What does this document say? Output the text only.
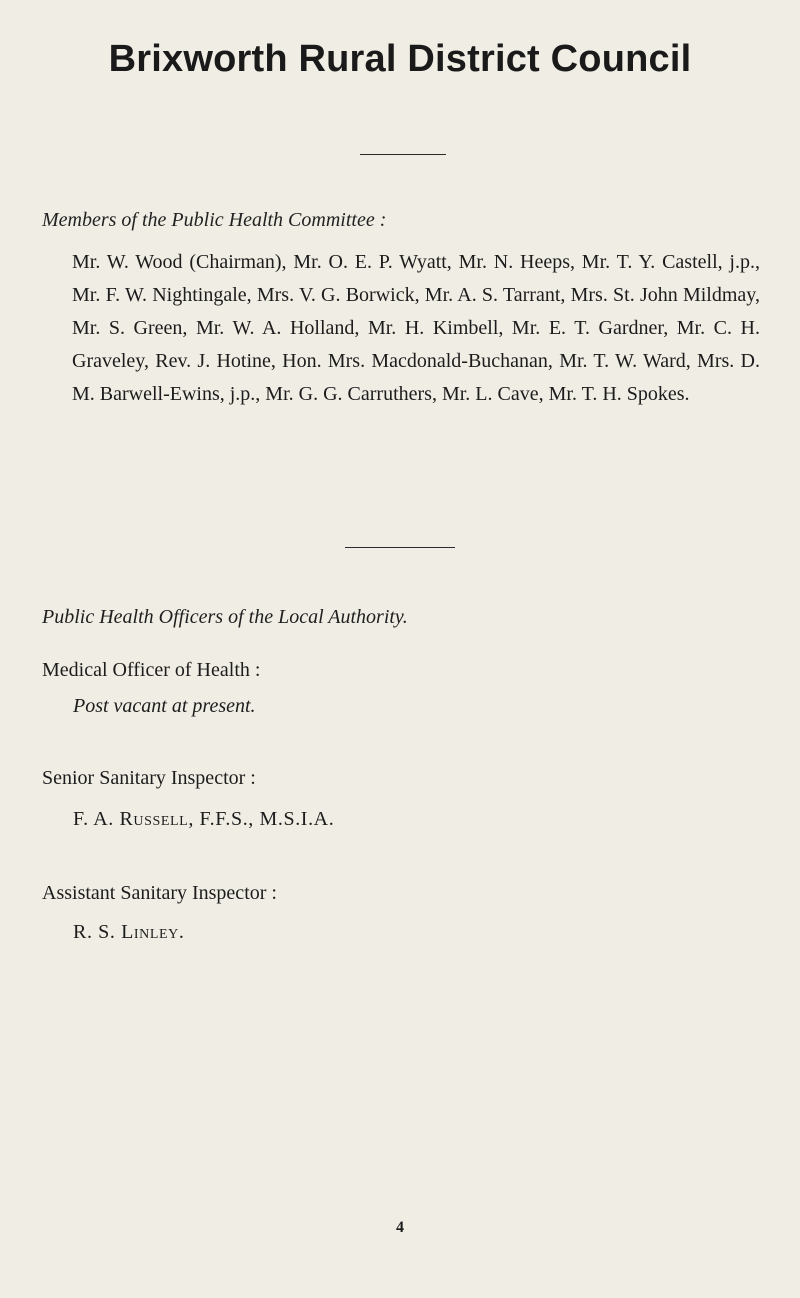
Brixworth Rural District Council
Members of the Public Health Committee :

Mr. W. Wood (Chairman), Mr. O. E. P. Wyatt, Mr. N. Heeps, Mr. T. Y. Castell, j.p., Mr. F. W. Nightingale, Mrs. V. G. Borwick, Mr. A. S. Tarrant, Mrs. St. John Mildmay, Mr. S. Green, Mr. W. A. Holland, Mr. H. Kimbell, Mr. E. T. Gardner, Mr. C. H. Graveley, Rev. J. Hotine, Hon. Mrs. Macdonald-Buchanan, Mr. T. W. Ward, Mrs. D. M. Barwell-Ewins, j.p., Mr. G. G. Carruthers, Mr. L. Cave, Mr. T. H. Spokes.

Public Health Officers of the Local Authority.
Medical Officer of Health :
Post vacant at present.
Senior Sanitary Inspector :
F. A. Russell, F.F.S., M.S.I.A.
Assistant Sanitary Inspector :
R. S. Linley.
4
